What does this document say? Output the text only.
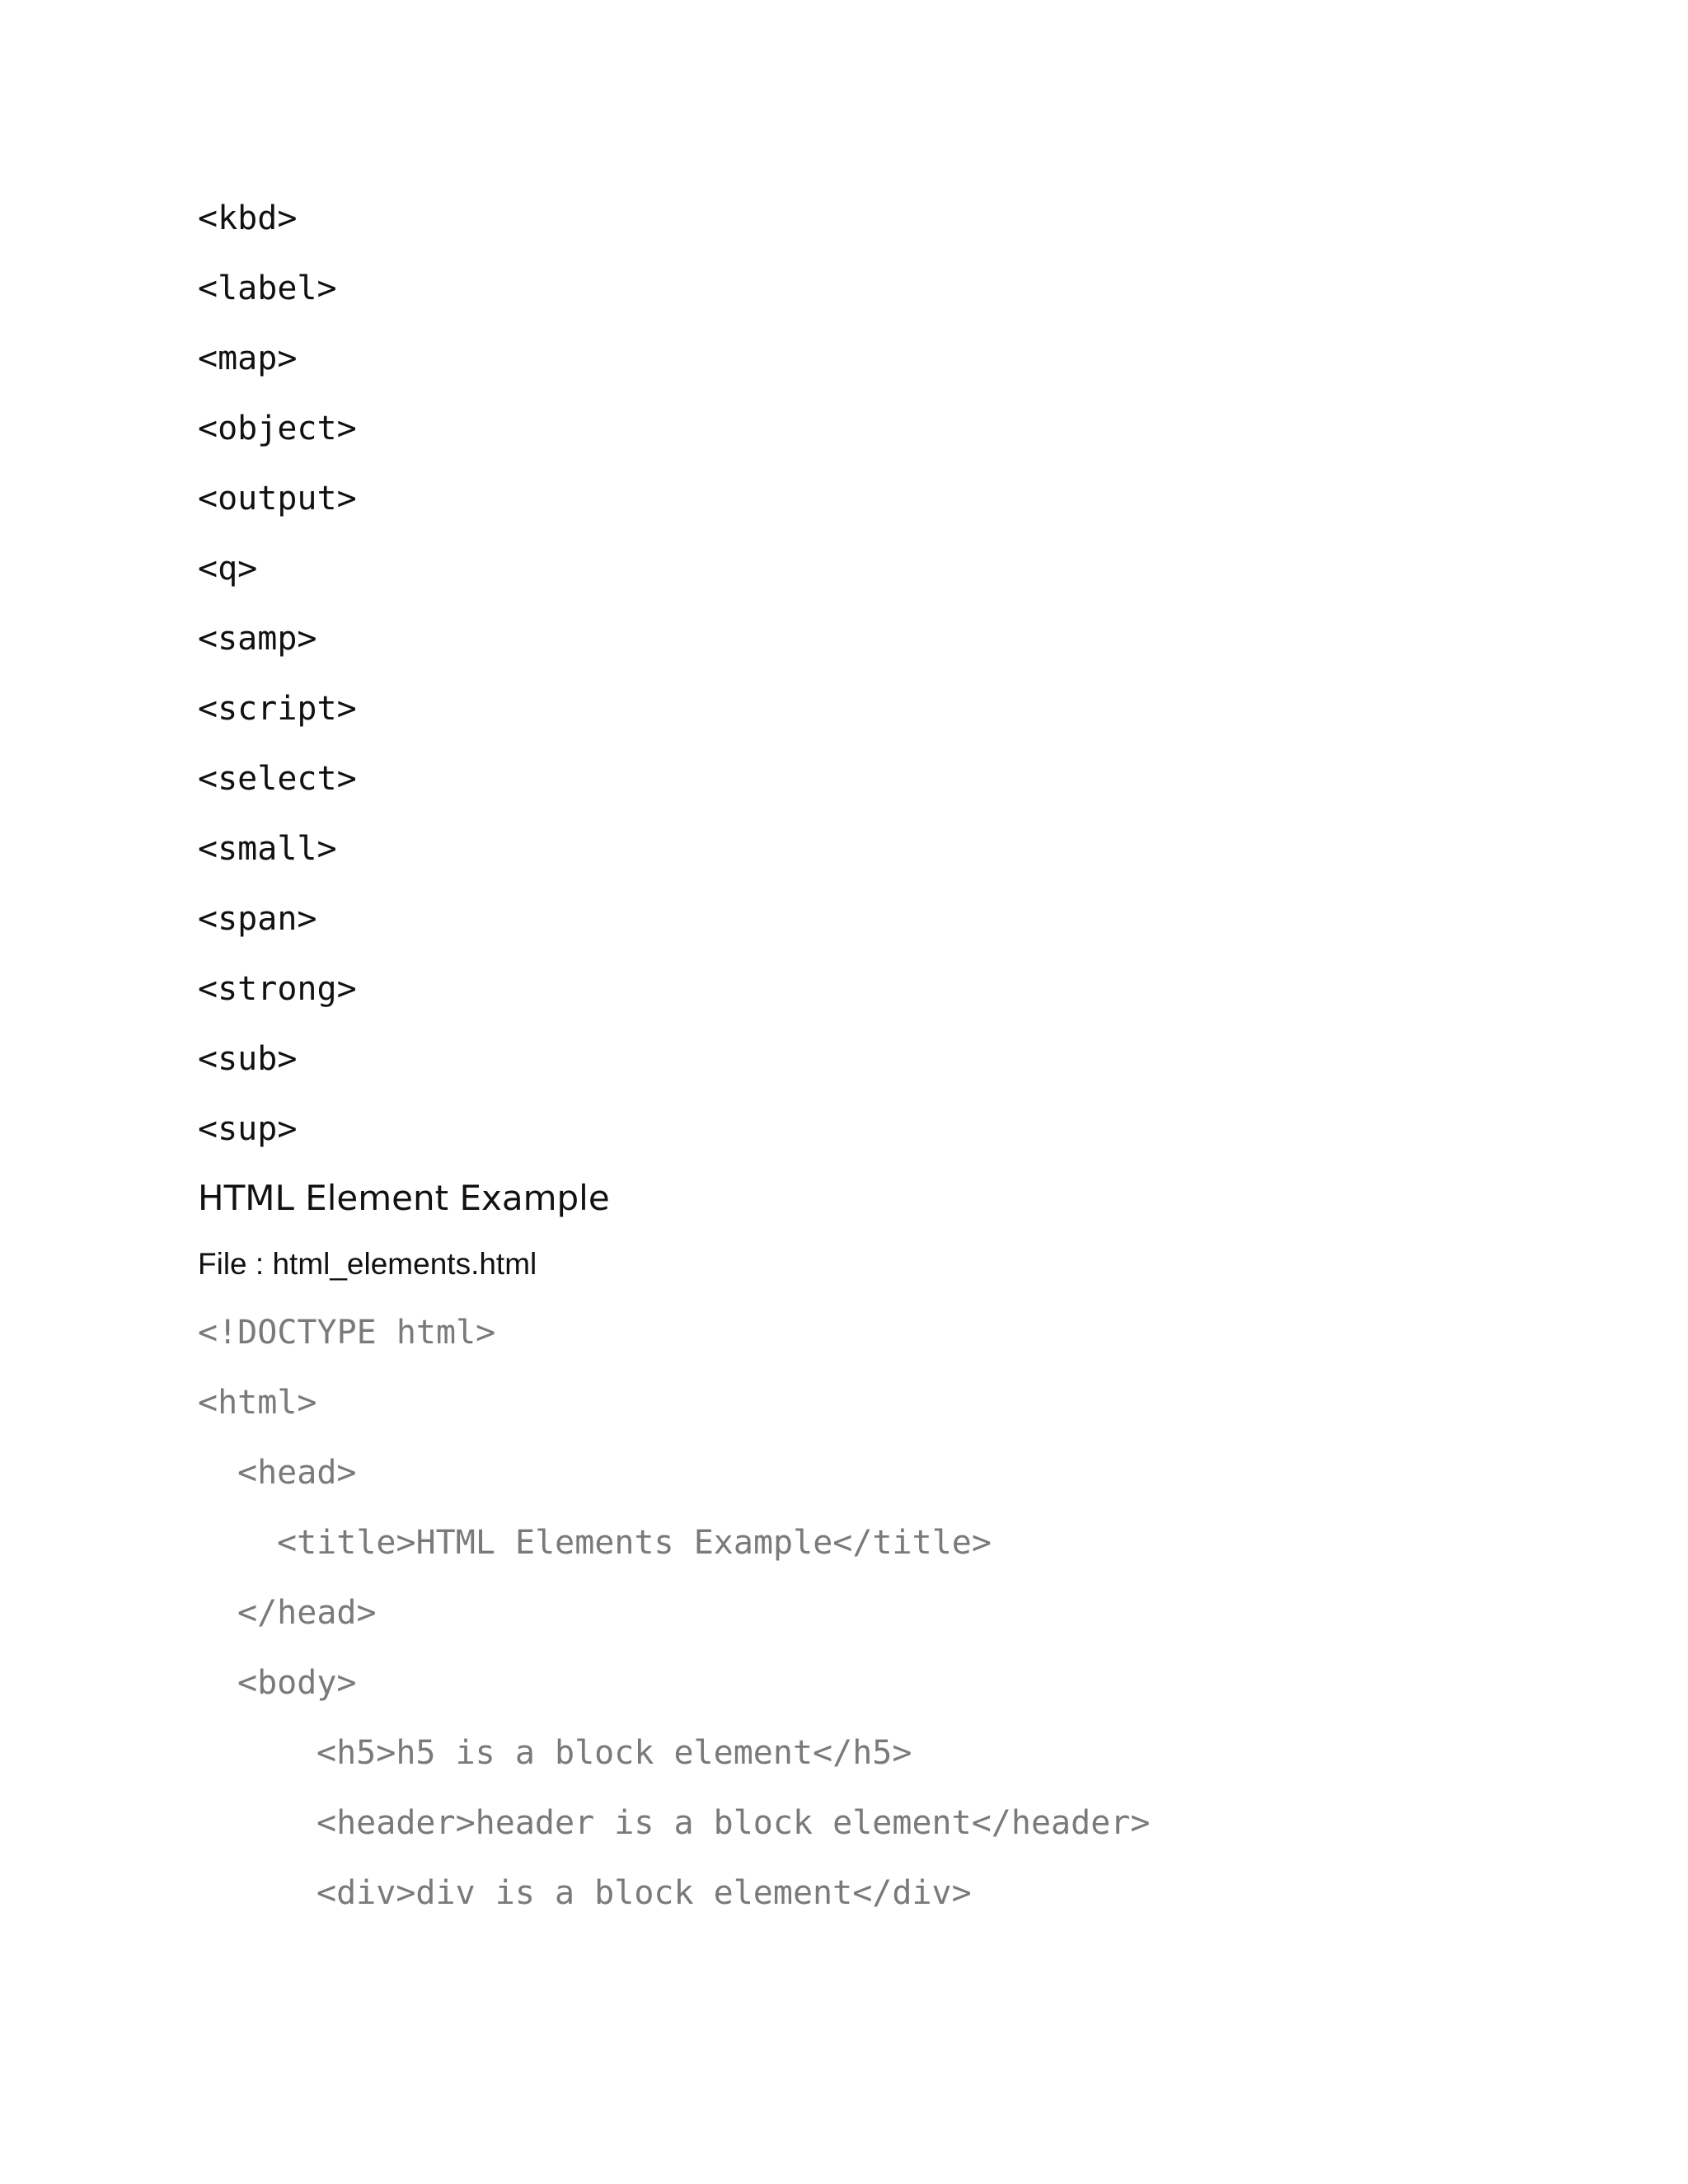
<kbd>
<label>
<map>
<object>
<output>
<q>
<samp>
<script>
<select>
<small>
<span>
<strong>
<sub>
<sup>
HTML Element Example
File : html_elements.html
<!DOCTYPE html>
<html>
<head>
<title>HTML Elements Example</title>
</head>
<body>
<h5>h5 is a block element</h5>
<header>header is a block element</header>
<div>div is a block element</div>
